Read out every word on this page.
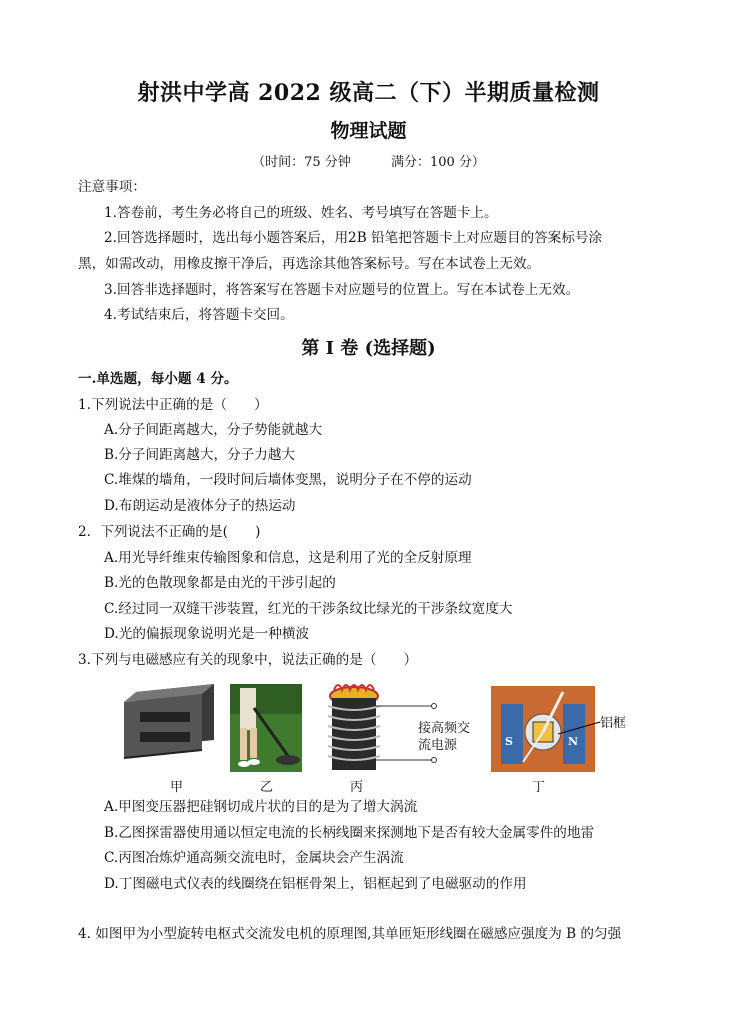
射洪中学高 2022 级高二（下）半期质量检测
物理试题
（时间：75 分钟	满分：100 分）
注意事项：
1.答卷前，考生务必将自己的班级、姓名、考号填写在答题卡上。
2.回答选择题时，选出每小题答案后，用2B 铅笔把答题卡上对应题目的答案标号涂
黑，如需改动，用橡皮擦干净后，再选涂其他答案标号。写在本试卷上无效。
3.回答非选择题时，将答案写在答题卡对应题号的位置上。写在本试卷上无效。
4.考试结束后，将答题卡交回。
第 I 卷 (选择题)
一.单选题，每小题 4 分。
1.下列说法中正确的是（　　）
A.分子间距离越大，分子势能就越大
B.分子间距离越大，分子力越大
C.堆煤的墙角，一段时间后墙体变黑，说明分子在不停的运动
D.布朗运动是液体分子的热运动
2．下列说法不正确的是(　　)
A.用光导纤维束传输图象和信息，这是利用了光的全反射原理
B.光的色散现象都是由光的干涉引起的
C.经过同一双缝干涉装置，红光的干涉条纹比绿光的干涉条纹宽度大
D.光的偏振现象说明光是一种横波
3.下列与电磁感应有关的现象中，说法正确的是（　　）
接高频交
流电源	S	N
铝框
甲	乙	丙	丁
A.甲图变压器把硅钢切成片状的目的是为了增大涡流
B.乙图探雷器使用通以恒定电流的长柄线圈来探测地下是否有较大金属零件的地雷
C.丙图冶炼炉通高频交流电时，金属块会产生涡流
D.丁图磁电式仪表的线圈绕在铝框骨架上，铝框起到了电磁驱动的作用
4. 如图甲为小型旋转电枢式交流发电机的原理图,其单匝矩形线圈在磁感应强度为 B 的匀强
